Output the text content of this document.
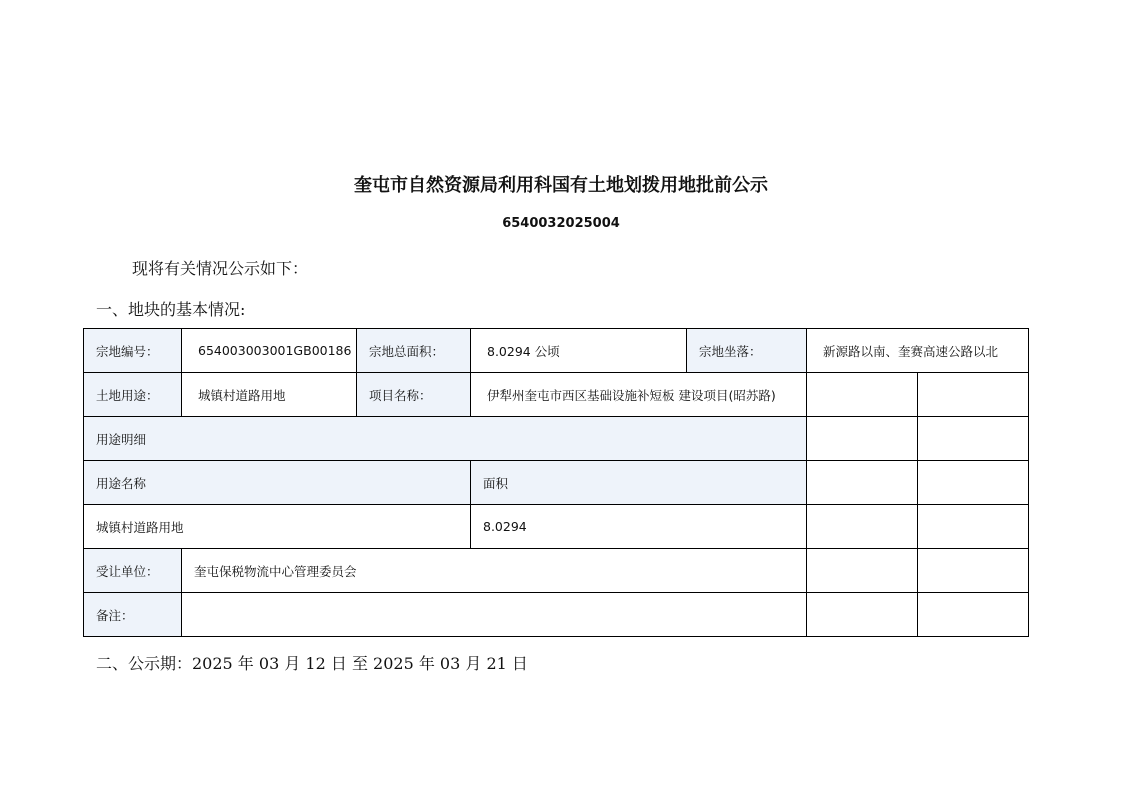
奎屯市自然资源局利用科国有土地划拨用地批前公示
6540032025004
现将有关情况公示如下：
一、地块的基本情况:
宗地编号：	654003003001GB00186	宗地总面积：	8.0294 公顷	宗地坐落：	新源路以南、奎赛高速公路以北	
土地用途：	城镇村道路用地	项目名称：	伊犁州奎屯市西区基础设施补短板 建设项目(昭苏路)			
用途明细						
用途名称			面积			
城镇村道路用地			8.0294			
受让单位：	奎屯保税物流中心管理委员会					
备注：						
二、公示期：2025 年 03 月 12 日 至 2025 年 03 月 21 日
